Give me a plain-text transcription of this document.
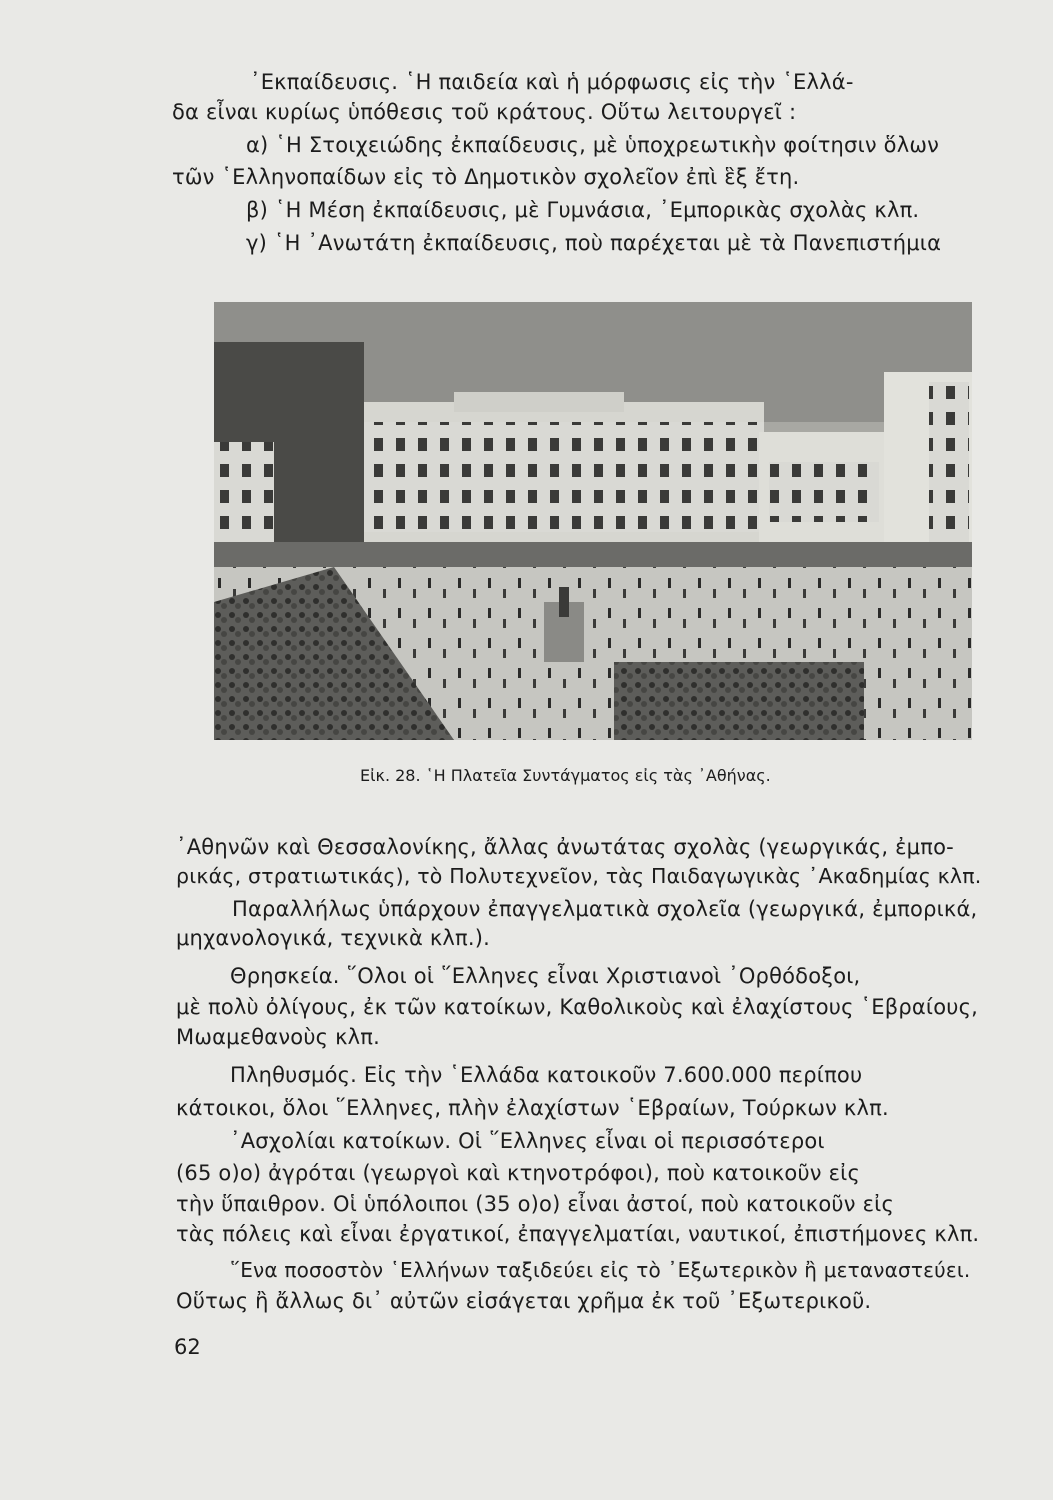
᾿Εκπαίδευσις. ῾Η παιδεία καὶ ἡ μόρφωσις εἰς τὴν ῾Ελλά-
δα εἶναι κυρίως ὑπόθεσις τοῦ κράτους. Οὕτω λειτουργεῖ :
α) ῾Η Στοιχειώδης ἐκπαίδευσις, μὲ ὑποχρεωτικὴν φοίτησιν ὅλων
τῶν ῾Ελληνοπαίδων εἰς τὸ Δημοτικὸν σχολεῖον ἐπὶ ἓξ ἔτη.
β) ῾Η Μέση ἐκπαίδευσις, μὲ Γυμνάσια, ᾿Εμπορικὰς σχολὰς κλπ.
γ) ῾Η ᾿Ανωτάτη ἐκπαίδευσις, ποὺ παρέχεται μὲ τὰ Πανεπιστήμια
Εἰκ. 28. ῾Η Πλατεῖα Συντάγματος εἰς τὰς ᾿Αθήνας.
᾿Αθηνῶν καὶ Θεσσαλονίκης, ἄλλας ἀνωτάτας σχολὰς (γεωργικάς, ἐμπο-
ρικάς, στρατιωτικάς), τὸ Πολυτεχνεῖον, τὰς Παιδαγωγικὰς ᾿Ακαδημίας κλπ.
Παραλλήλως ὑπάρχουν ἐπαγγελματικὰ σχολεῖα (γεωργικά, ἐμπορικά,
μηχανολογικά, τεχνικὰ κλπ.).
Θρησκεία. ῞Ολοι οἱ ῞Ελληνες εἶναι Χριστιανοὶ ᾿Ορθόδοξοι,
μὲ πολὺ ὀλίγους, ἐκ τῶν κατοίκων, Καθολικοὺς καὶ ἐλαχίστους ῾Εβραίους,
Μωαμεθανοὺς κλπ.
Πληθυσμός. Εἰς τὴν ῾Ελλάδα κατοικοῦν 7.600.000 περίπου
κάτοικοι, ὅλοι ῞Ελληνες, πλὴν ἐλαχίστων ῾Εβραίων, Τούρκων κλπ.
᾿Ασχολίαι κατοίκων. Οἱ ῞Ελληνες εἶναι οἱ περισσότεροι
(65 ο)ο) ἀγρόται (γεωργοὶ καὶ κτηνοτρόφοι), ποὺ κατοικοῦν εἰς
τὴν ὕπαιθρον. Οἱ ὑπόλοιποι (35 ο)ο) εἶναι ἀστοί, ποὺ κατοικοῦν εἰς
τὰς πόλεις καὶ εἶναι ἐργατικοί, ἐπαγγελματίαι, ναυτικοί, ἐπιστήμονες κλπ.
῞Ενα ποσοστὸν ῾Ελλήνων ταξιδεύει εἰς τὸ ᾿Εξωτερικὸν ἢ μεταναστεύει.
Οὕτως ἢ ἄλλως δι᾿ αὐτῶν εἰσάγεται χρῆμα ἐκ τοῦ ᾿Εξωτερικοῦ.
62
